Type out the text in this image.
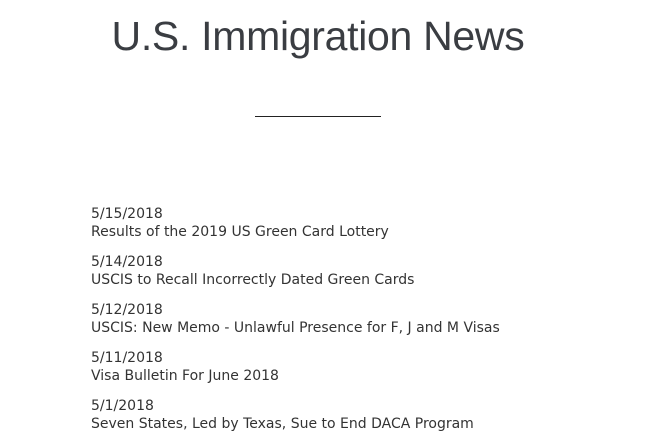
U.S. Immigration News
5/15/2018
Results of the 2019 US Green Card Lottery
5/14/2018
USCIS to Recall Incorrectly Dated Green Cards
5/12/2018
USCIS: New Memo - Unlawful Presence for F, J and M Visas
5/11/2018
Visa Bulletin For June 2018
5/1/2018
Seven States, Led by Texas, Sue to End DACA Program
